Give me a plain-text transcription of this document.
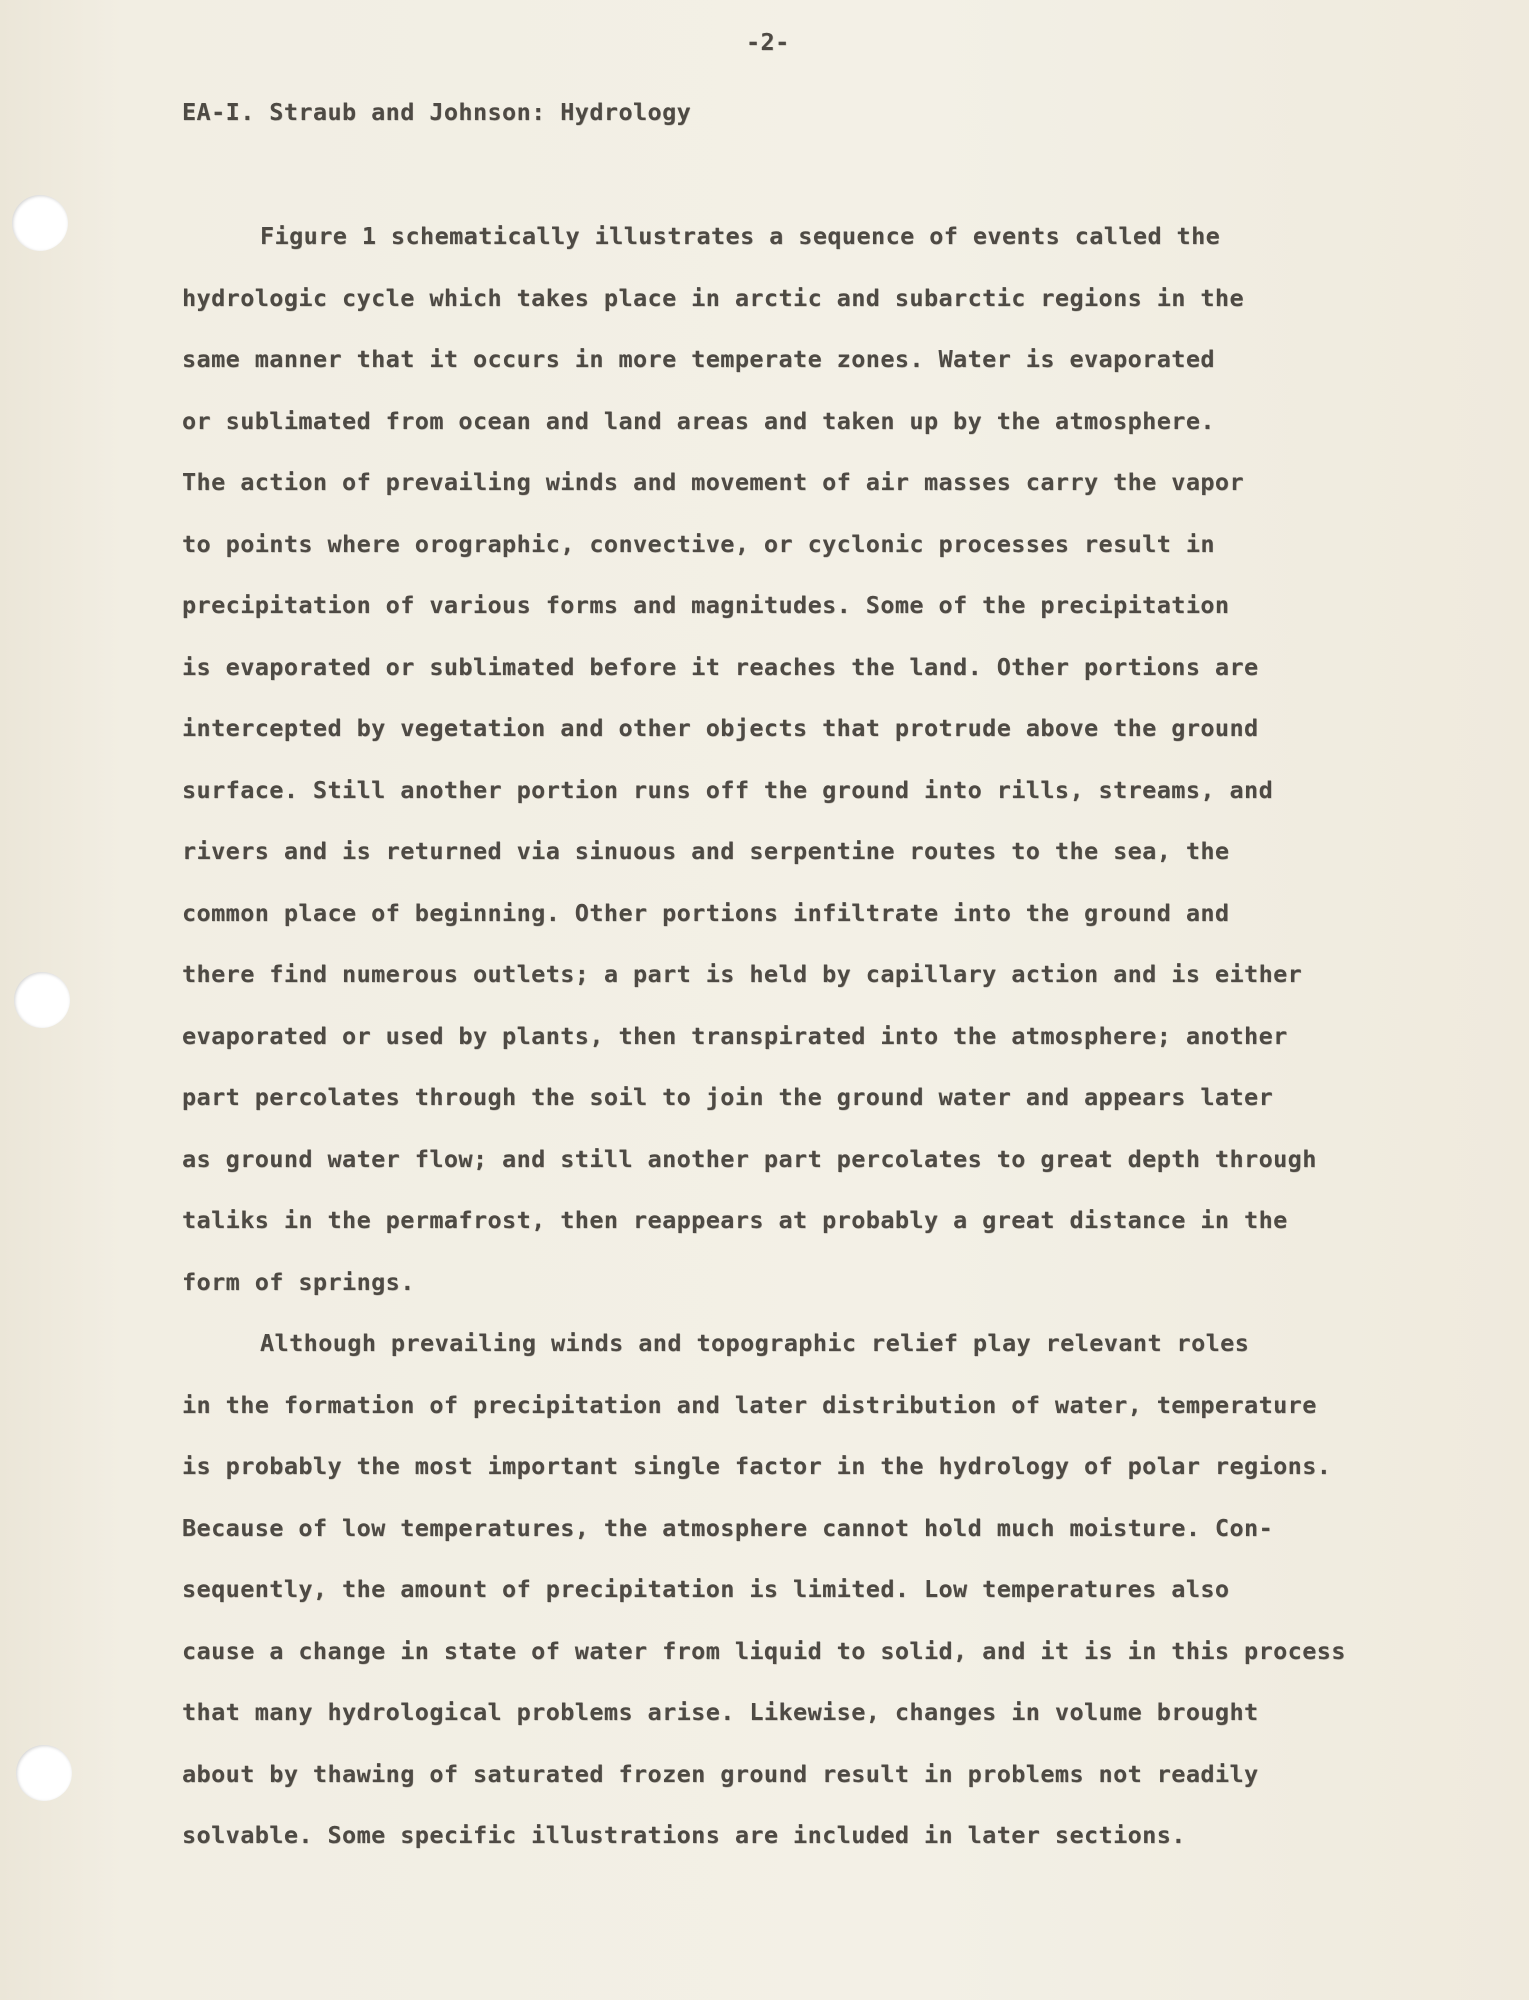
-2-
EA-I. Straub and Johnson: Hydrology
Figure 1 schematically illustrates a sequence of events called the
hydrologic cycle which takes place in arctic and subarctic regions in the
same manner that it occurs in more temperate zones. Water is evaporated
or sublimated from ocean and land areas and taken up by the atmosphere.
The action of prevailing winds and movement of air masses carry the vapor
to points where orographic, convective, or cyclonic processes result in
precipitation of various forms and magnitudes. Some of the precipitation
is evaporated or sublimated before it reaches the land. Other portions are
intercepted by vegetation and other objects that protrude above the ground
surface. Still another portion runs off the ground into rills, streams, and
rivers and is returned via sinuous and serpentine routes to the sea, the
common place of beginning. Other portions infiltrate into the ground and
there find numerous outlets; a part is held by capillary action and is either
evaporated or used by plants, then transpirated into the atmosphere; another
part percolates through the soil to join the ground water and appears later
as ground water flow; and still another part percolates to great depth through
taliks in the permafrost, then reappears at probably a great distance in the
form of springs.
Although prevailing winds and topographic relief play relevant roles
in the formation of precipitation and later distribution of water, temperature
is probably the most important single factor in the hydrology of polar regions.
Because of low temperatures, the atmosphere cannot hold much moisture. Con-
sequently, the amount of precipitation is limited. Low temperatures also
cause a change in state of water from liquid to solid, and it is in this process
that many hydrological problems arise. Likewise, changes in volume brought
about by thawing of saturated frozen ground result in problems not readily
solvable. Some specific illustrations are included in later sections.
